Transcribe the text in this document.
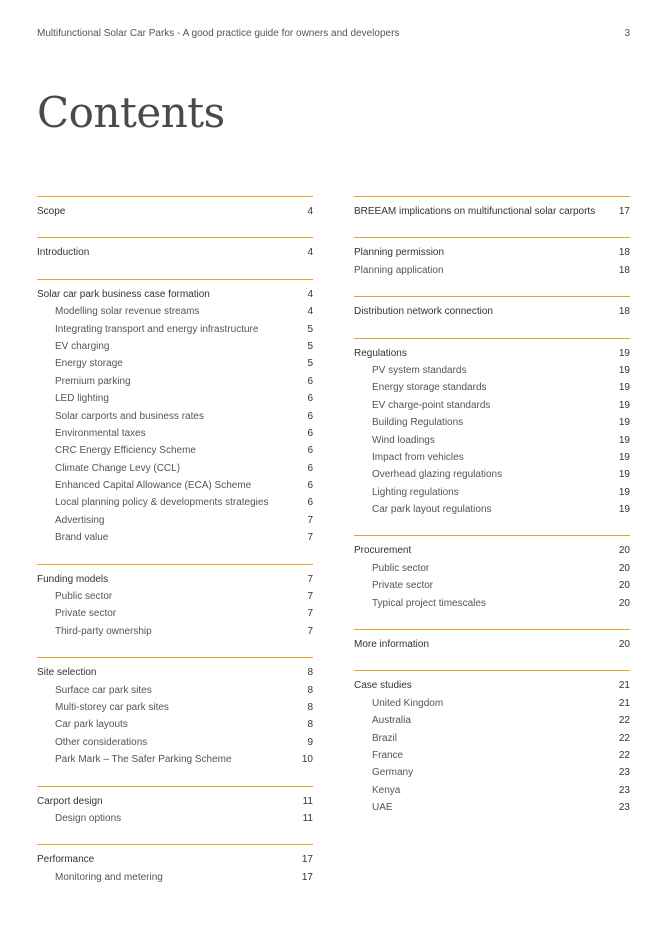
Multifunctional Solar Car Parks - A good practice guide for owners and developers	3
Contents
Scope	4
Introduction	4
Solar car park business case formation	4
Modelling solar revenue streams	4
Integrating transport and energy infrastructure	5
EV charging	5
Energy storage	5
Premium parking	6
LED lighting	6
Solar carports and business rates	6
Environmental taxes	6
CRC Energy Efficiency Scheme	6
Climate Change Levy (CCL)	6
Enhanced Capital Allowance (ECA) Scheme	6
Local planning policy & developments strategies	6
Advertising	7
Brand value	7
Funding models	7
Public sector	7
Private sector	7
Third-party ownership	7
Site selection	8
Surface car park sites	8
Multi-storey car park sites	8
Car park layouts	8
Other considerations	9
Park Mark – The Safer Parking Scheme	10
Carport design	11
Design options	11
Performance	17
Monitoring and metering	17
BREEAM implications on multifunctional solar carports 17
Planning permission	18
Planning application	18
Distribution network connection	18
Regulations	19
PV system standards	19
Energy storage standards	19
EV charge-point standards	19
Building Regulations	19
Wind loadings	19
Impact from vehicles	19
Overhead glazing regulations	19
Lighting regulations	19
Car park layout regulations	19
Procurement	20
Public sector	20
Private sector	20
Typical project timescales	20
More information	20
Case studies	21
United Kingdom	21
Australia	22
Brazil	22
France	22
Germany	23
Kenya	23
UAE	23
